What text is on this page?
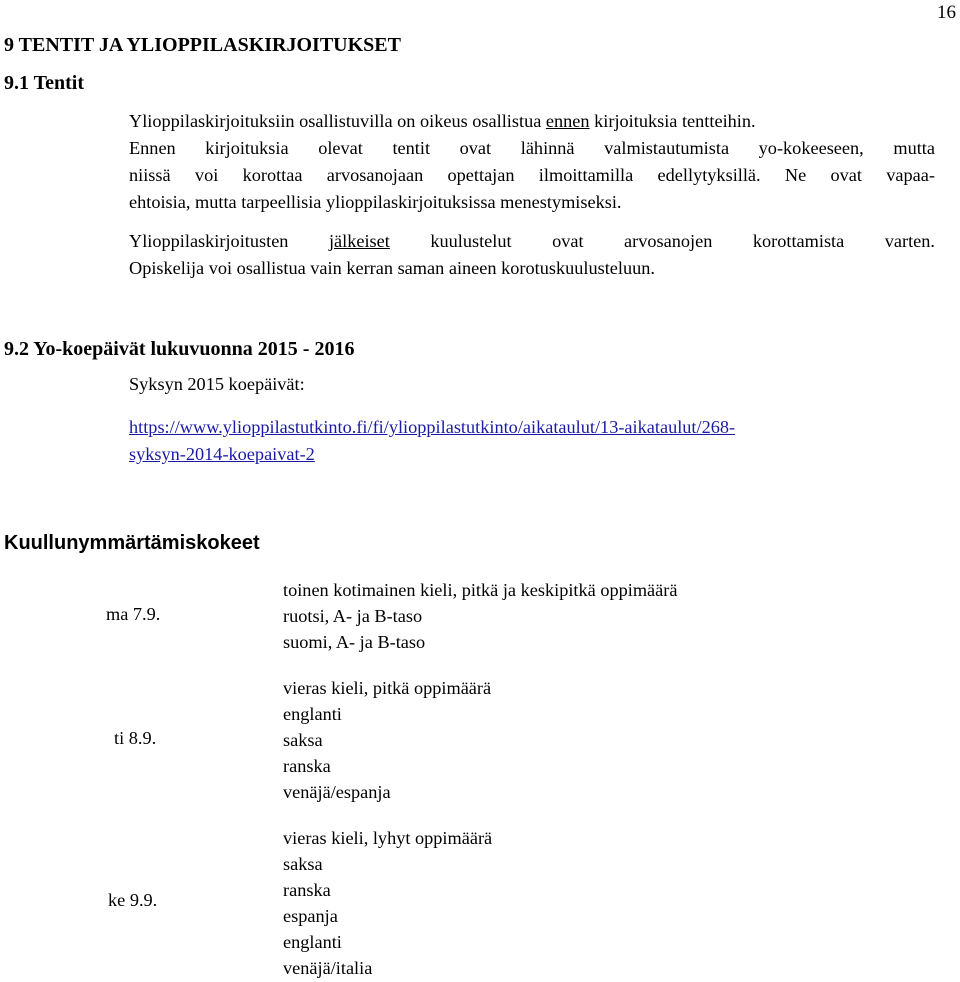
16
9 TENTIT JA YLIOPPILASKIRJOITUKSET
9.1 Tentit
Ylioppilaskirjoituksiin osallistuvilla on oikeus osallistua ennen kirjoituksia tentteihin.
Ennen kirjoituksia olevat tentit ovat lähinnä valmistautumista yo-kokeeseen, mutta
niissä voi korottaa arvosanojaan opettajan ilmoittamilla edellytyksillä. Ne ovat vapaa-
ehtoisia, mutta tarpeellisia ylioppilaskirjoituksissa menestymiseksi.
Ylioppilaskirjoitusten jälkeiset kuulustelut ovat arvosanojen korottamista varten.
Opiskelija voi osallistua vain kerran saman aineen korotuskuulusteluun.
9.2 Yo-koepäivät lukuvuonna 2015 - 2016
Syksyn 2015 koepäivät:
https://www.ylioppilastutkinto.fi/fi/ylioppilastutkinto/aikataulut/13-aikataulut/268-
syksyn-2014-koepaivat-2
Kuullunymmärtämiskokeet
ma 7.9.
toinen kotimainen kieli, pitkä ja keskipitkä oppimäärä
ruotsi, A- ja B-taso
suomi, A- ja B-taso
ti 8.9.
vieras kieli, pitkä oppimäärä
englanti
saksa
ranska
venäjä/espanja
ke 9.9.
vieras kieli, lyhyt oppimäärä
saksa
ranska
espanja
englanti
venäjä/italia
